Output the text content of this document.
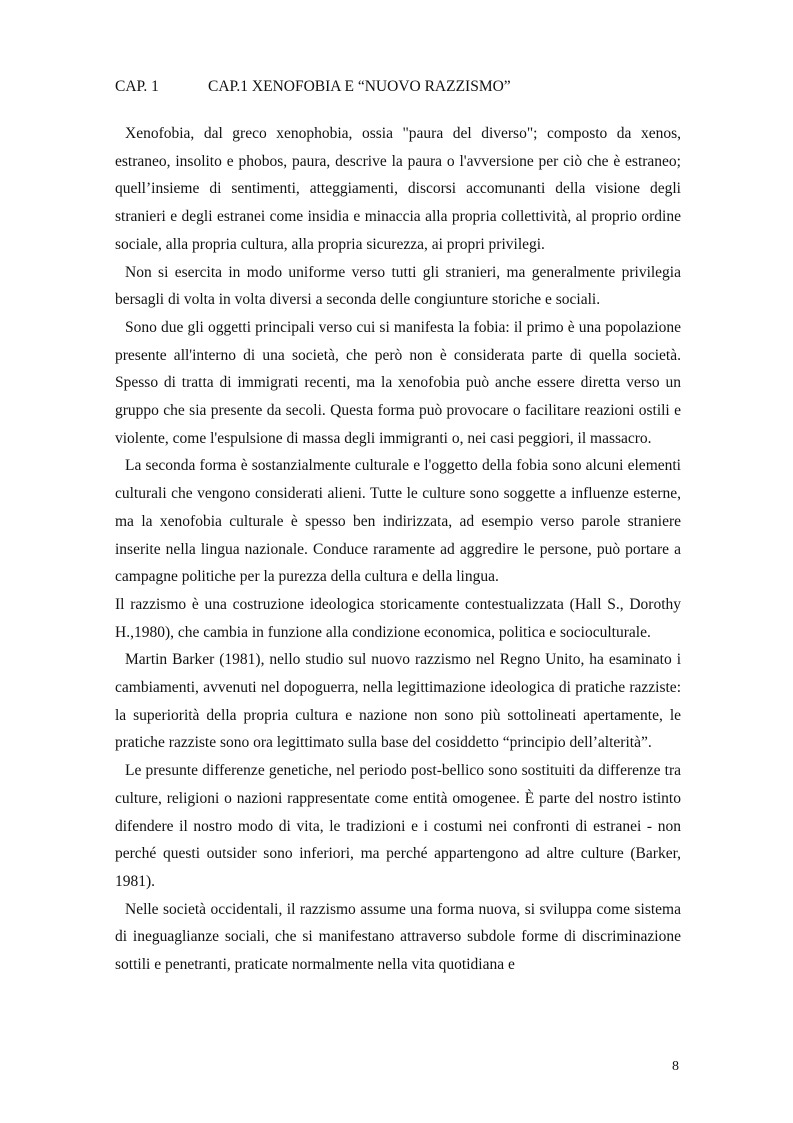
CAP. 1	CAP.1 XENOFOBIA E “NUOVO RAZZISMO”

Xenofobia, dal greco xenophobia, ossia "paura del diverso"; composto da xenos, estraneo, insolito e phobos, paura, descrive la paura o l'avversione per ciò che è estraneo; quell’insieme di sentimenti, atteggiamenti, discorsi accomunanti della visione degli stranieri e degli estranei come insidia e minaccia alla propria collettività, al proprio ordine sociale, alla propria cultura, alla propria sicurezza, ai propri privilegi.

Non si esercita in modo uniforme verso tutti gli stranieri, ma generalmente privilegia bersagli di volta in volta diversi a seconda delle congiunture storiche e sociali.

Sono due gli oggetti principali verso cui si manifesta la fobia: il primo è una popolazione presente all'interno di una società, che però non è considerata parte di quella società. Spesso di tratta di immigrati recenti, ma la xenofobia può anche essere diretta verso un gruppo che sia presente da secoli. Questa forma può provocare o facilitare reazioni ostili e violente, come l'espulsione di massa degli immigranti o, nei casi peggiori, il massacro.

La seconda forma è sostanzialmente culturale e l'oggetto della fobia sono alcuni elementi culturali che vengono considerati alieni. Tutte le culture sono soggette a influenze esterne, ma la xenofobia culturale è spesso ben indirizzata, ad esempio verso parole straniere inserite nella lingua nazionale. Conduce raramente ad aggredire le persone, può portare a campagne politiche per la purezza della cultura e della lingua.

Il razzismo è una costruzione ideologica storicamente contestualizzata (Hall S., Dorothy H.,1980), che cambia in funzione alla condizione economica, politica e socioculturale.

Martin Barker (1981), nello studio sul nuovo razzismo nel Regno Unito, ha esaminato i cambiamenti, avvenuti nel dopoguerra, nella legittimazione ideologica di pratiche razziste: la superiorità della propria cultura e nazione non sono più sottolineati apertamente, le pratiche razziste sono ora legittimato sulla base del cosiddetto “principio dell’alterità”.

Le presunte differenze genetiche, nel periodo post-bellico sono sostituiti da differenze tra culture, religioni o nazioni rappresentate come entità omogenee. È parte del nostro istinto difendere il nostro modo di vita, le tradizioni e i costumi nei confronti di estranei - non perché questi outsider sono inferiori, ma perché appartengono ad altre culture (Barker, 1981).

Nelle società occidentali, il razzismo assume una forma nuova, si sviluppa come sistema di ineguaglianze sociali, che si manifestano attraverso subdole forme di discriminazione sottili e penetranti, praticate normalmente nella vita quotidiana e

8
